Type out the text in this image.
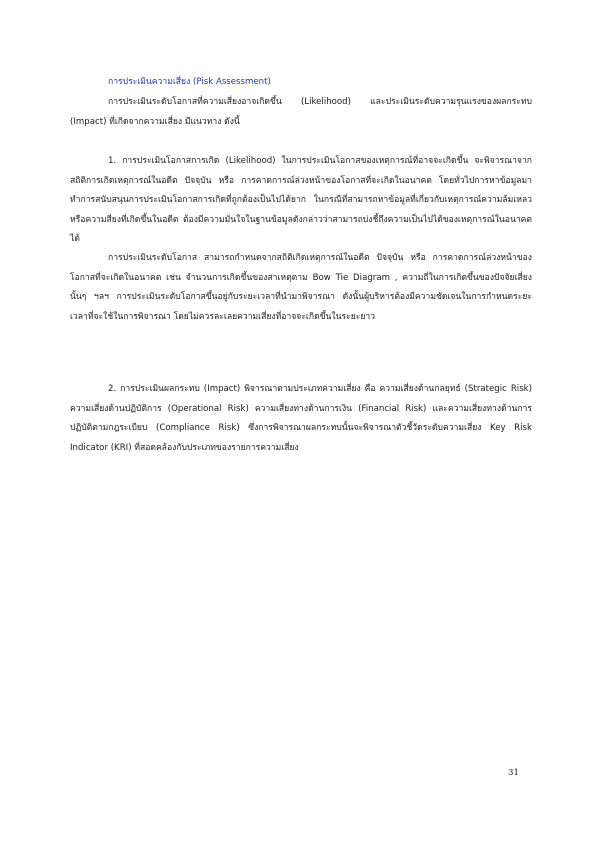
การประเมินความเสี่ยง (Pisk Assessment)

การประเมินระดับโอกาสที่ความเสี่ยงอาจเกิดขึ้น (Likelihood) และประเมินระดับความรุนแรงของผลกระทบ (Impact) ที่เกิดจากความเสี่ยง มีแนวทาง ดังนี้

1. การประเมินโอกาสการเกิด (Likelihood) ในการประเมินโอกาสของเหตุการณ์ที่อาจจะเกิดขึ้น จะพิจารณาจากสถิติการเกิดเหตุการณ์ในอดีต ปัจจุบัน หรือ การคาดการณ์ล่วงหน้าของโอกาสที่จะเกิดในอนาคต โดยทั่วไปการหาข้อมูลมาทำการสนับสนุนการประเมินโอกาสการเกิดที่ถูกต้องเป็นไปได้ยาก ในกรณีที่สามารถหาข้อมูลที่เกี่ยวกับเหตุการณ์ความล้มเหลวหรือความสี่ยงที่เกิดขึ้นในอดีต ต้องมีความมั่นใจในฐานข้อมูลดังกล่าวว่าสามารถบ่งชี้ถึงความเป็นไปได้ของเหตุการณ์ในอนาคตได้

การประเมินระดับโอกาส สามารถกำหนดจากสถิติเกิดเหตุการณ์ในอดีต ปัจจุบัน หรือ การคาดการณ์ล่วงหน้าของโอกาสที่จะเกิดในอนาคต เช่น จำนวนการเกิดขึ้นของสาเหตุตาม Bow Tie Diagram , ความถี่ในการเกิดขึ้นของปัจจัยเสี่ยงนั้นๆ ฯลฯ การประเมินระดับโอกาสขึ้นอยู่กับระยะเวลาที่นำมาพิจารณา ดังนั้นผู้บริหารต้องมีความชัดเจนในการกำหนดระยะเวลาที่จะใช้ในการพิจารณา โดยไม่ควรละเลยความเสี่ยงที่อาจจะเกิดขึ้นในระยะยาว

2. การประเมินผลกระทบ (Impact) พิจารณาตามประเภทความเสี่ยง คือ ความเสี่ยงด้านกลยุทธ์ (Strategic Risk) ความเสี่ยงด้านปฏิบัติการ (Operational Risk) ความเสี่ยงทางด้านการเงิน (Financial Risk) และความเสี่ยงทางด้านการปฏิบัติตามกฎระเบียบ (Compliance Risk) ซึ่งการพิจารณาผลกระทบนั้นจะพิจารณาตัวชี้วัดระดับความเสี่ยง Key Risk Indicator (KRI) ที่สอดคล้องกับประเภทของรายการความเสี่ยง

31
